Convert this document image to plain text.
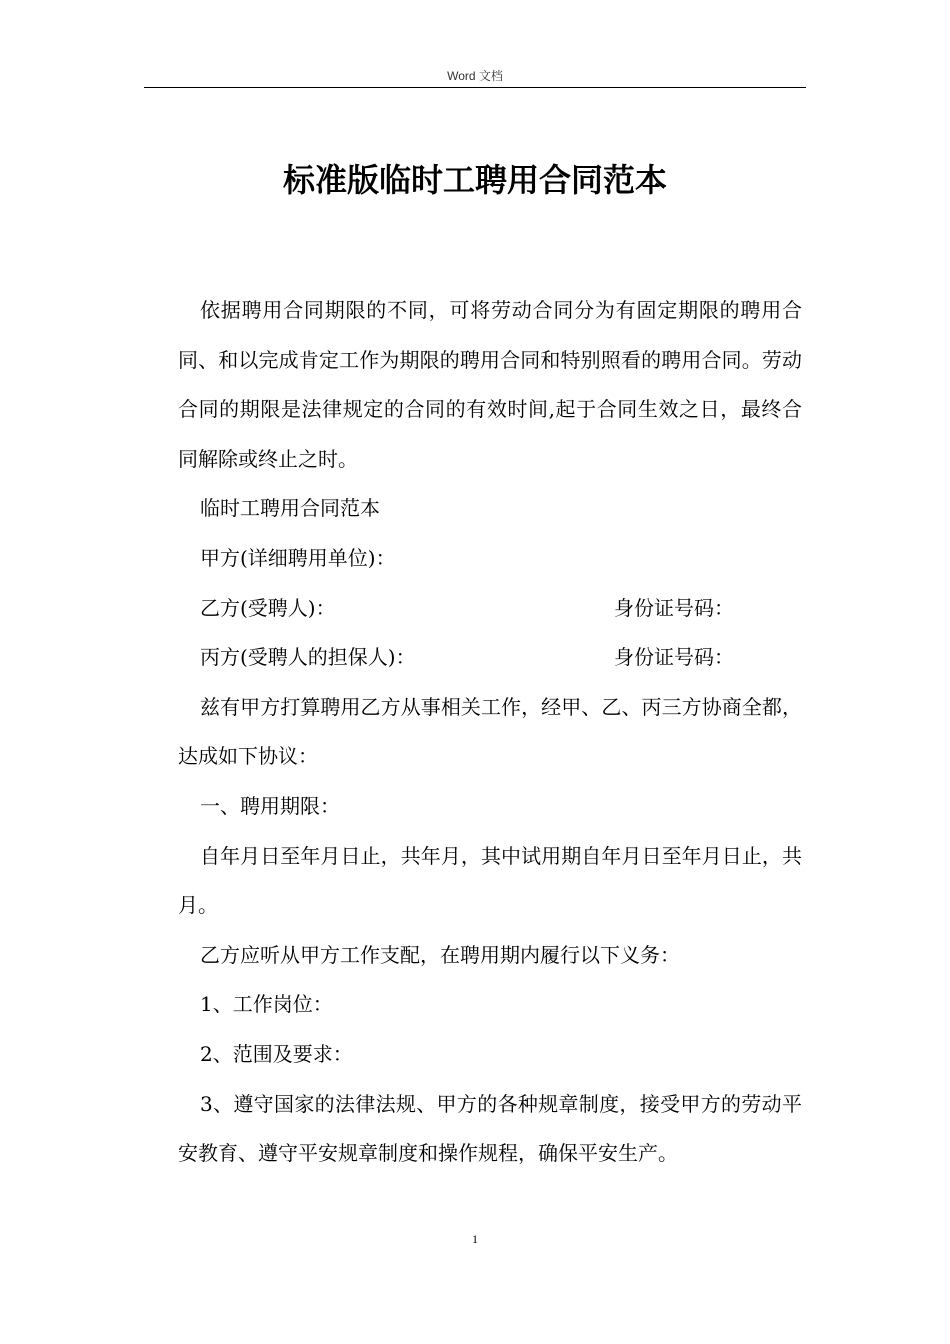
Word 文档
标准版临时工聘用合同范本

依据聘用合同期限的不同，可将劳动合同分为有固定期限的聘用合同、和以完成肯定工作为期限的聘用合同和特别照看的聘用合同。劳动合同的期限是法律规定的合同的有效时间,起于合同生效之日，最终合同解除或终止之时。

临时工聘用合同范本

甲方(详细聘用单位)：

乙方(受聘人)：	身份证号码：
丙方(受聘人的担保人)：	身份证号码：

兹有甲方打算聘用乙方从事相关工作，经甲、乙、丙三方协商全都，达成如下协议：

一、聘用期限：

自年月日至年月日止，共年月，其中试用期自年月日至年月日止，共月。

乙方应听从甲方工作支配，在聘用期内履行以下义务：

1、工作岗位：

2、范围及要求：

3、遵守国家的法律法规、甲方的各种规章制度，接受甲方的劳动平安教育、遵守平安规章制度和操作规程，确保平安生产。

1
